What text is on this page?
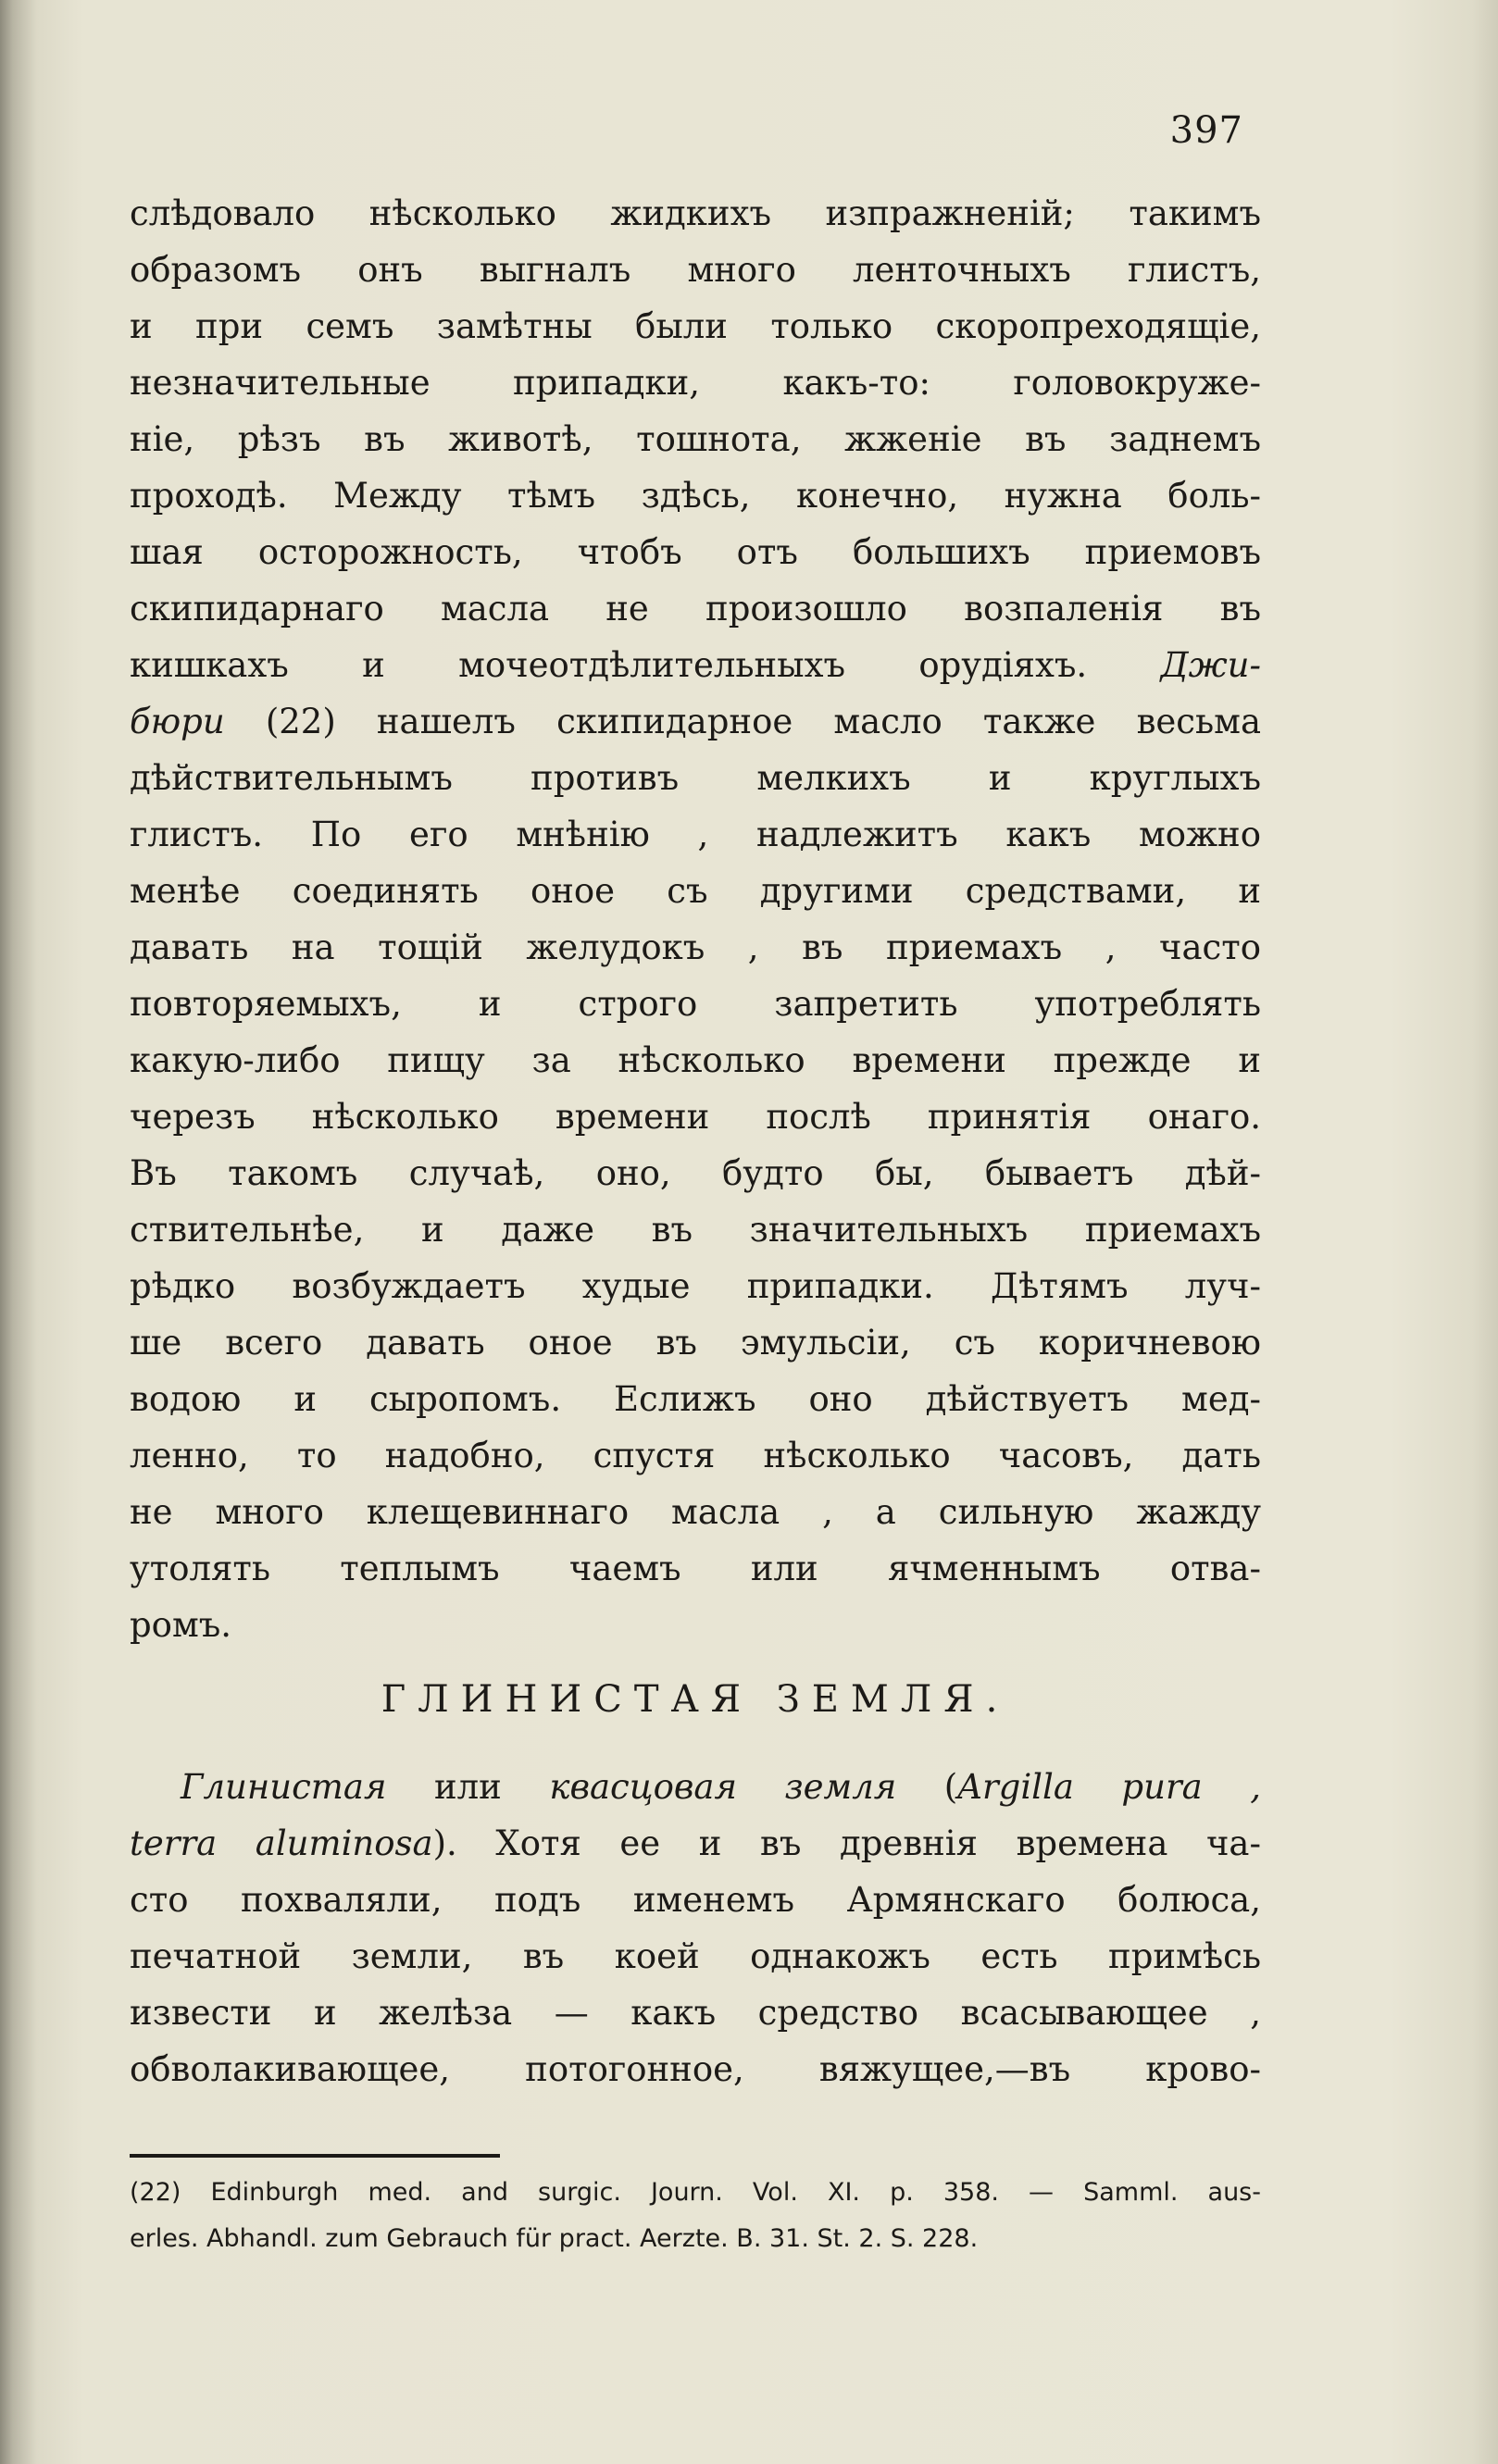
397
слѣдовало нѣсколько жидкихъ изпражненій; такимъ
образомъ онъ выгналъ много ленточныхъ глистъ,
и при семъ замѣтны были только скоропреходящіе,
незначительные припадки, какъ-то: головокруже-
ніе, рѣзъ въ животѣ, тошнота, жженіе въ заднемъ
проходѣ. Между тѣмъ здѣсь, конечно, нужна боль-
шая осторожность, чтобъ отъ большихъ приемовъ
скипидарнаго масла не произошло возпаленія въ
кишкахъ и мочеотдѣлительныхъ орудіяхъ. Джи-
бюри (22) нашелъ скипидарное масло также весьма
дѣйствительнымъ противъ мелкихъ и круглыхъ
глистъ. По его мнѣнію , надлежитъ какъ можно
менѣе соединять оное съ другими средствами, и
давать на тощій желудокъ , въ приемахъ , часто
повторяемыхъ, и строго запретить употреблять
какую-либо пищу за нѣсколько времени прежде и
черезъ нѣсколько времени послѣ принятія онаго.
Въ такомъ случаѣ, оно, будто бы, бываетъ дѣй-
ствительнѣе, и даже въ значительныхъ приемахъ
рѣдко возбуждаетъ худые припадки. Дѣтямъ луч-
ше всего давать оное въ эмульсіи, съ коричневою
водою и сыропомъ. Еслижъ оно дѣйствуетъ мед-
ленно, то надобно, спустя нѣсколько часовъ, дать
не много клещевиннаго масла , а сильную жажду
утолять теплымъ чаемъ или ячменнымъ отва-
ромъ.
ГЛИНИСТАЯ ЗЕМЛЯ.
Глинистая или квасцовая земля (Argilla pura ,
terra aluminosa). Хотя ее и въ древнія времена ча-
сто похваляли, подъ именемъ Армянскаго болюса,
печатной земли, въ коей однакожъ есть примѣсь
извести и желѣза — какъ средство всасывающее ,
обволакивающее, потогонное, вяжущее,—въ крово-
(22) Edinburgh med. and surgic. Journ. Vol. XI. p. 358. — Samml. aus-
erles. Abhandl. zum Gebrauch für pract. Aerzte. B. 31. St. 2. S. 228.
